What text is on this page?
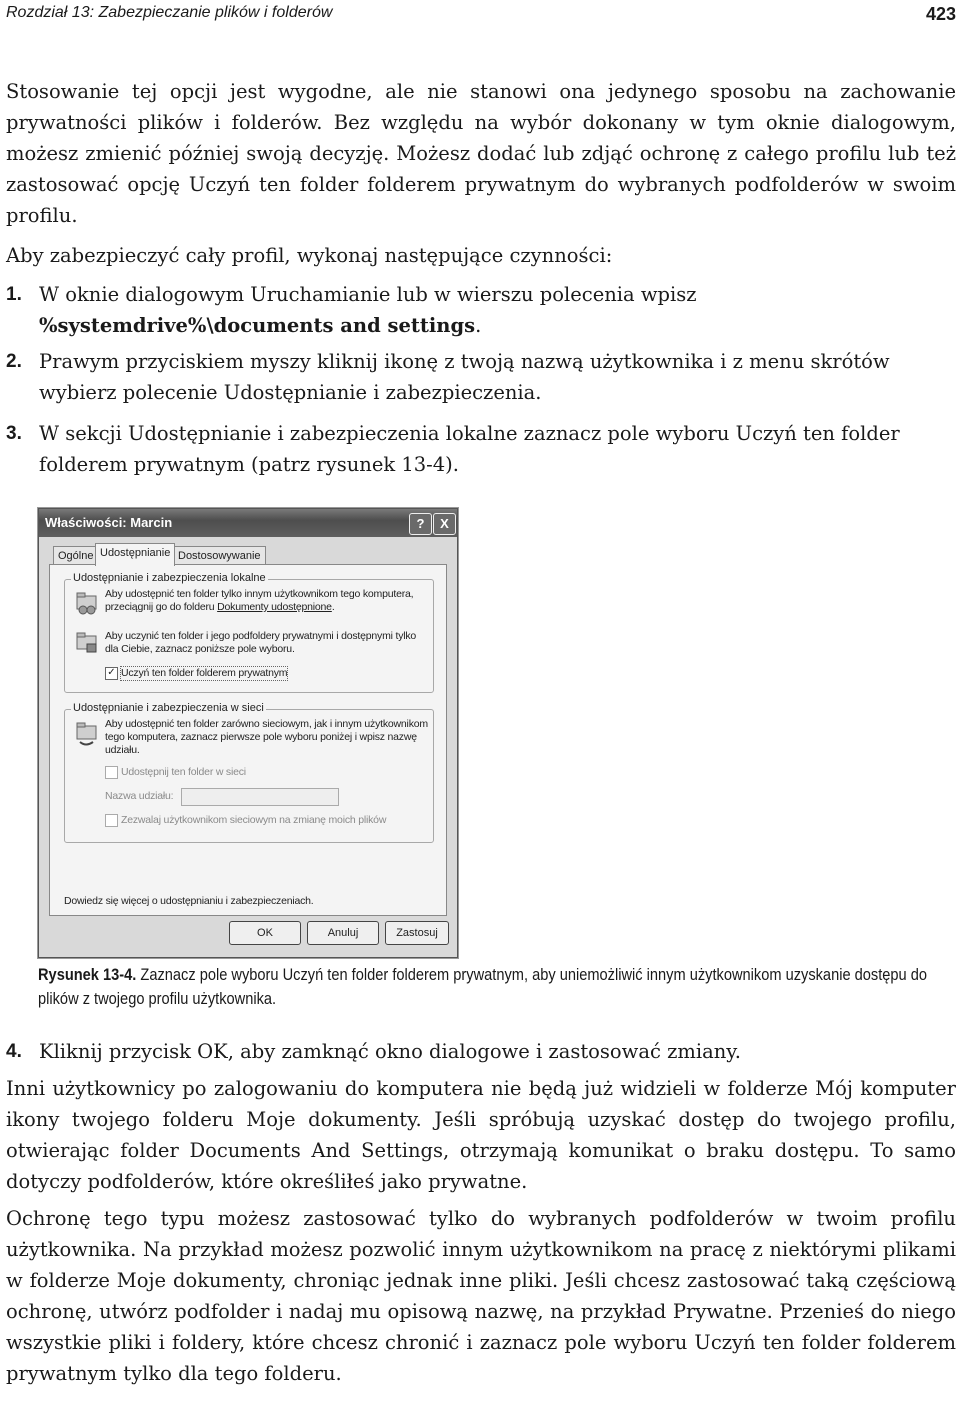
Rozdział 13: Zabezpieczanie plików i folderów	423

Stosowanie tej opcji jest wygodne, ale nie stanowi ona jedynego sposobu na zachowanie prywatności plików i folderów. Bez względu na wybór dokonany w tym oknie dialogowym, możesz zmienić później swoją decyzję. Możesz dodać lub zdjąć ochronę z całego profilu lub też zastosować opcję Uczyń ten folder folderem prywatnym do wybranych podfolderów w swoim profilu.

Aby zabezpieczyć cały profil, wykonaj następujące czynności:

1. W oknie dialogowym Uruchamianie lub w wierszu polecenia wpisz %systemdrive%\documents and settings.
2. Prawym przyciskiem myszy kliknij ikonę z twoją nazwą użytkownika i z menu skrótów wybierz polecenie Udostępnianie i zabezpieczenia.
3. W sekcji Udostępnianie i zabezpieczenia lokalne zaznacz pole wyboru Uczyń ten folder folderem prywatnym (patrz rysunek 13-4).
Właściwości: Marcin	?	X
Ogólne Udostępnianie Dostosowywanie
Udostępnianie i zabezpieczenia lokalne
Aby udostępnić ten folder tylko innym użytkownikom tego komputera,
przeciągnij go do folderu Dokumenty udostępnione.
Aby uczynić ten folder i jego podfoldery prywatnymi i dostępnymi tylko
dla Ciebie, zaznacz poniższe pole wyboru.
✓ Uczyń ten folder folderem prywatnym
Udostępnianie i zabezpieczenia w sieci
Aby udostępnić ten folder zarówno sieciowym, jak i innym użytkownikom
tego komputera, zaznacz pierwsze pole wyboru poniżej i wpisz nazwę
udziału.
Udostępnij ten folder w sieci
Nazwa udziału:
Zezwalaj użytkownikom sieciowym na zmianę moich plików
Dowiedz się więcej o udostępnianiu i zabezpieczeniach.
OK	Anuluj	Zastosuj
Rysunek 13-4. Zaznacz pole wyboru Uczyń ten folder folderem prywatnym, aby uniemożliwić innym użytkownikom uzyskanie dostępu do plików z twojego profilu użytkownika.
4. Kliknij przycisk OK, aby zamknąć okno dialogowe i zastosować zmiany.

Inni użytkownicy po zalogowaniu do komputera nie będą już widzieli w folderze Mój komputer ikony twojego folderu Moje dokumenty. Jeśli spróbują uzyskać dostęp do twojego profilu, otwierając folder Documents And Settings, otrzymają komunikat o braku dostępu. To samo dotyczy podfolderów, które określiłeś jako prywatne.

Ochronę tego typu możesz zastosować tylko do wybranych podfolderów w twoim profilu użytkownika. Na przykład możesz pozwolić innym użytkownikom na pracę z niektórymi plikami w folderze Moje dokumenty, chroniąc jednak inne pliki. Jeśli chcesz zastosować taką częściową ochronę, utwórz podfolder i nadaj mu opisową nazwę, na przykład Prywatne. Przenieś do niego wszystkie pliki i foldery, które chcesz chronić i zaznacz pole wyboru Uczyń ten folder folderem prywatnym tylko dla tego folderu.
